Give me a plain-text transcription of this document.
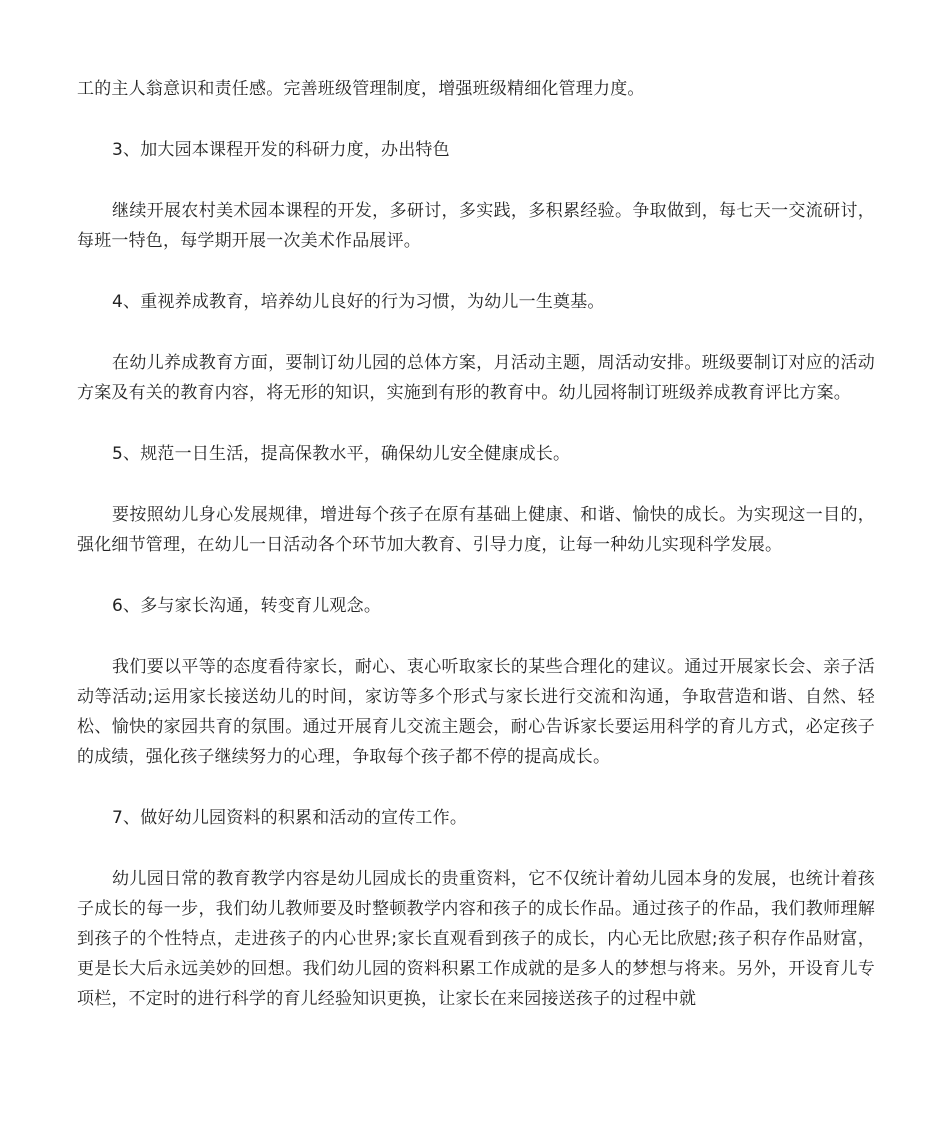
工的主人翁意识和责任感。完善班级管理制度，增强班级精细化管理力度。

3、加大园本课程开发的科研力度，办出特色

继续开展农村美术园本课程的开发，多研讨，多实践，多积累经验。争取做到，每七天一交流研讨，每班一特色，每学期开展一次美术作品展评。

4、重视养成教育，培养幼儿良好的行为习惯，为幼儿一生奠基。

在幼儿养成教育方面，要制订幼儿园的总体方案，月活动主题，周活动安排。班级要制订对应的活动方案及有关的教育内容，将无形的知识，实施到有形的教育中。幼儿园将制订班级养成教育评比方案。

5、规范一日生活，提高保教水平，确保幼儿安全健康成长。

要按照幼儿身心发展规律，增进每个孩子在原有基础上健康、和谐、愉快的成长。为实现这一目的，强化细节管理，在幼儿一日活动各个环节加大教育、引导力度，让每一种幼儿实现科学发展。

6、多与家长沟通，转变育儿观念。

我们要以平等的态度看待家长，耐心、衷心听取家长的某些合理化的建议。通过开展家长会、亲子活动等活动;运用家长接送幼儿的时间，家访等多个形式与家长进行交流和沟通，争取营造和谐、自然、轻松、愉快的家园共育的氛围。通过开展育儿交流主题会，耐心告诉家长要运用科学的育儿方式，必定孩子的成绩，强化孩子继续努力的心理，争取每个孩子都不停的提高成长。

7、做好幼儿园资料的积累和活动的宣传工作。

幼儿园日常的教育教学内容是幼儿园成长的贵重资料，它不仅统计着幼儿园本身的发展，也统计着孩子成长的每一步，我们幼儿教师要及时整顿教学内容和孩子的成长作品。通过孩子的作品，我们教师理解到孩子的个性特点，走进孩子的内心世界;家长直观看到孩子的成长，内心无比欣慰;孩子积存作品财富，更是长大后永远美妙的回想。我们幼儿园的资料积累工作成就的是多人的梦想与将来。另外，开设育儿专项栏，不定时的进行科学的育儿经验知识更换，让家长在来园接送孩子的过程中就
